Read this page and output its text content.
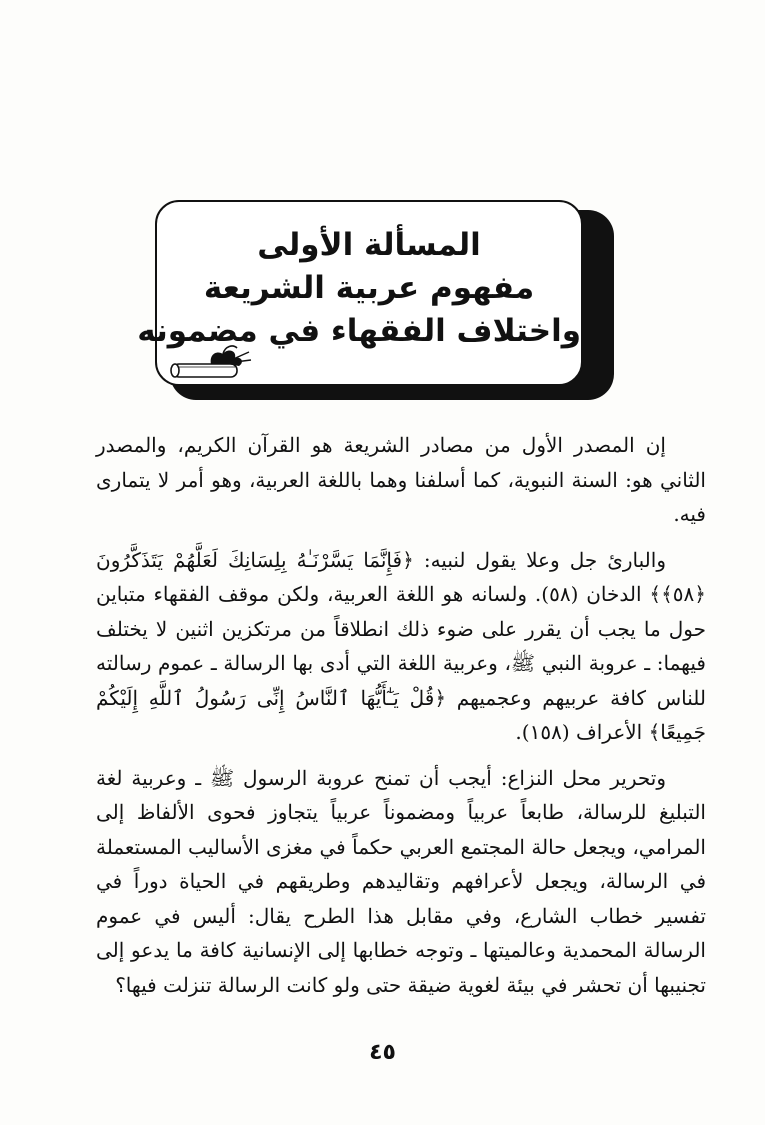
المسألة الأولى
مفهوم عربية الشريعة
واختلاف الفقهاء في مضمونه

إن المصدر الأول من مصادر الشريعة هو القرآن الكريم، والمصدر الثاني هو: السنة النبوية، كما أسلفنا وهما باللغة العربية، وهو أمر لا يتمارى فيه.

والبارئ جل وعلا يقول لنبيه: ﴿فَإِنَّمَا يَسَّرْنَـٰهُ بِلِسَانِكَ لَعَلَّهُمْ يَتَذَكَّرُونَ ﴿٥٨﴾﴾ الدخان (٥٨). ولسانه هو اللغة العربية، ولكن موقف الفقهاء متباين حول ما يجب أن يقرر على ضوء ذلك انطلاقاً من مرتكزين اثنين لا يختلف فيهما: ـ عروبة النبي ﷺ، وعربية اللغة التي أدى بها الرسالة ـ عموم رسالته للناس كافة عربيهم وعجميهم ﴿قُلْ يَـٰٓأَيُّهَا ٱلنَّاسُ إِنِّى رَسُولُ ٱللَّهِ إِلَيْكُمْ جَمِيعًا﴾ الأعراف (١٥٨).

وتحرير محل النزاع: أيجب أن تمنح عروبة الرسول ﷺ ـ وعربية لغة التبليغ للرسالة، طابعاً عربياً ومضموناً عربياً يتجاوز فحوى الألفاظ إلى المرامي، ويجعل حالة المجتمع العربي حكماً في مغزى الأساليب المستعملة في الرسالة، ويجعل لأعرافهم وتقاليدهم وطريقهم في الحياة دوراً في تفسير خطاب الشارع، وفي مقابل هذا الطرح يقال: أليس في عموم الرسالة المحمدية وعالميتها ـ وتوجه خطابها إلى الإنسانية كافة ما يدعو إلى تجنيبها أن تحشر في بيئة لغوية ضيقة حتى ولو كانت الرسالة تنزلت فيها؟

٤٥
